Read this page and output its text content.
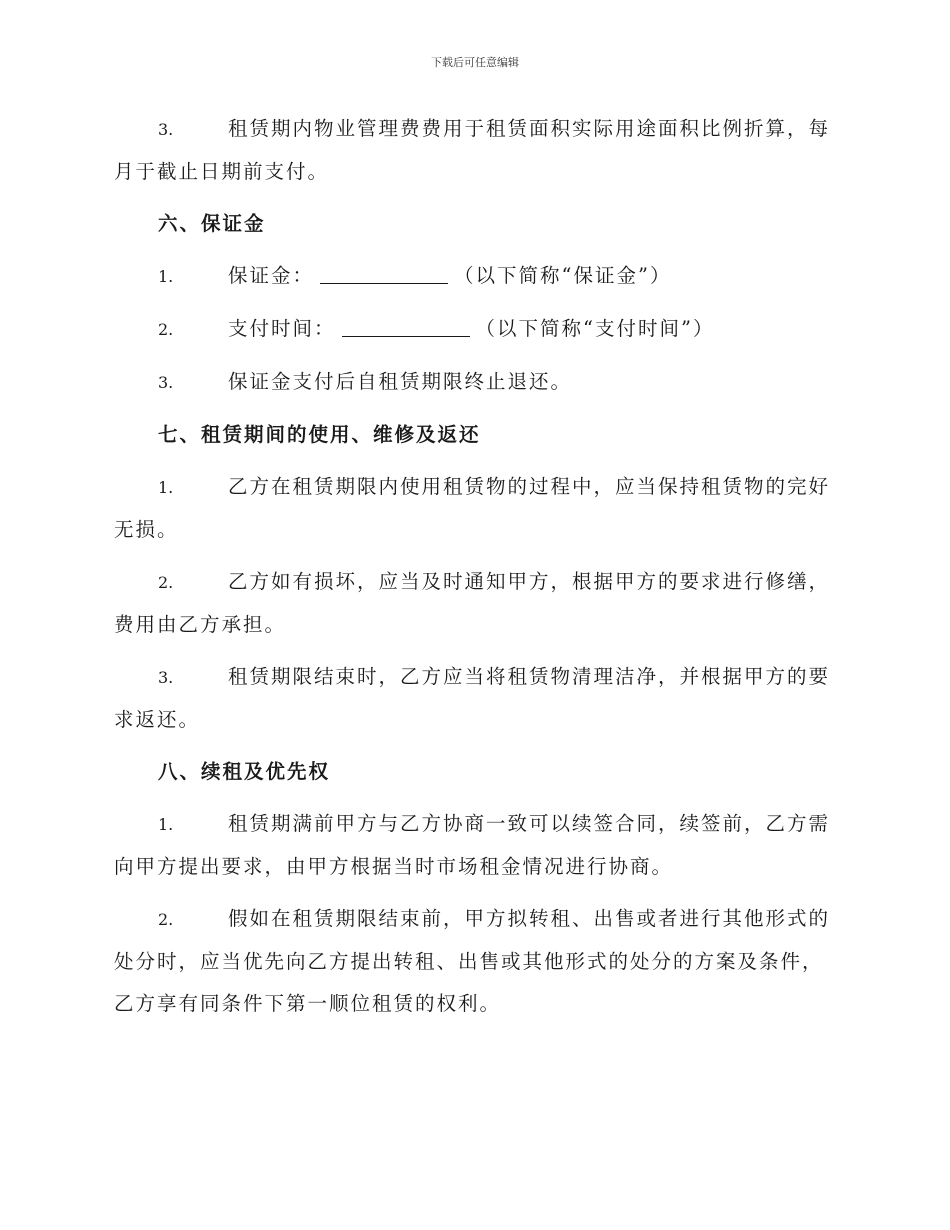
下载后可任意编辑

3.	租赁期内物业管理费费用于租赁面积实际用途面积比例折算，每月于截止日期前支付。

六、保证金

1.	保证金：	（以下简称“保证金”）

2.	支付时间：	（以下简称“支付时间”）

3.	保证金支付后自租赁期限终止退还。

七、租赁期间的使用、维修及返还

1.	乙方在租赁期限内使用租赁物的过程中，应当保持租赁物的完好无损。

2.	乙方如有损坏，应当及时通知甲方，根据甲方的要求进行修缮，费用由乙方承担。

3.	租赁期限结束时，乙方应当将租赁物清理洁净，并根据甲方的要求返还。

八、续租及优先权

1.	租赁期满前甲方与乙方协商一致可以续签合同，续签前，乙方需向甲方提出要求，由甲方根据当时市场租金情况进行协商。

2.	假如在租赁期限结束前，甲方拟转租、出售或者进行其他形式的处分时，应当优先向乙方提出转租、出售或其他形式的处分的方案及条件，乙方享有同条件下第一顺位租赁的权利。
